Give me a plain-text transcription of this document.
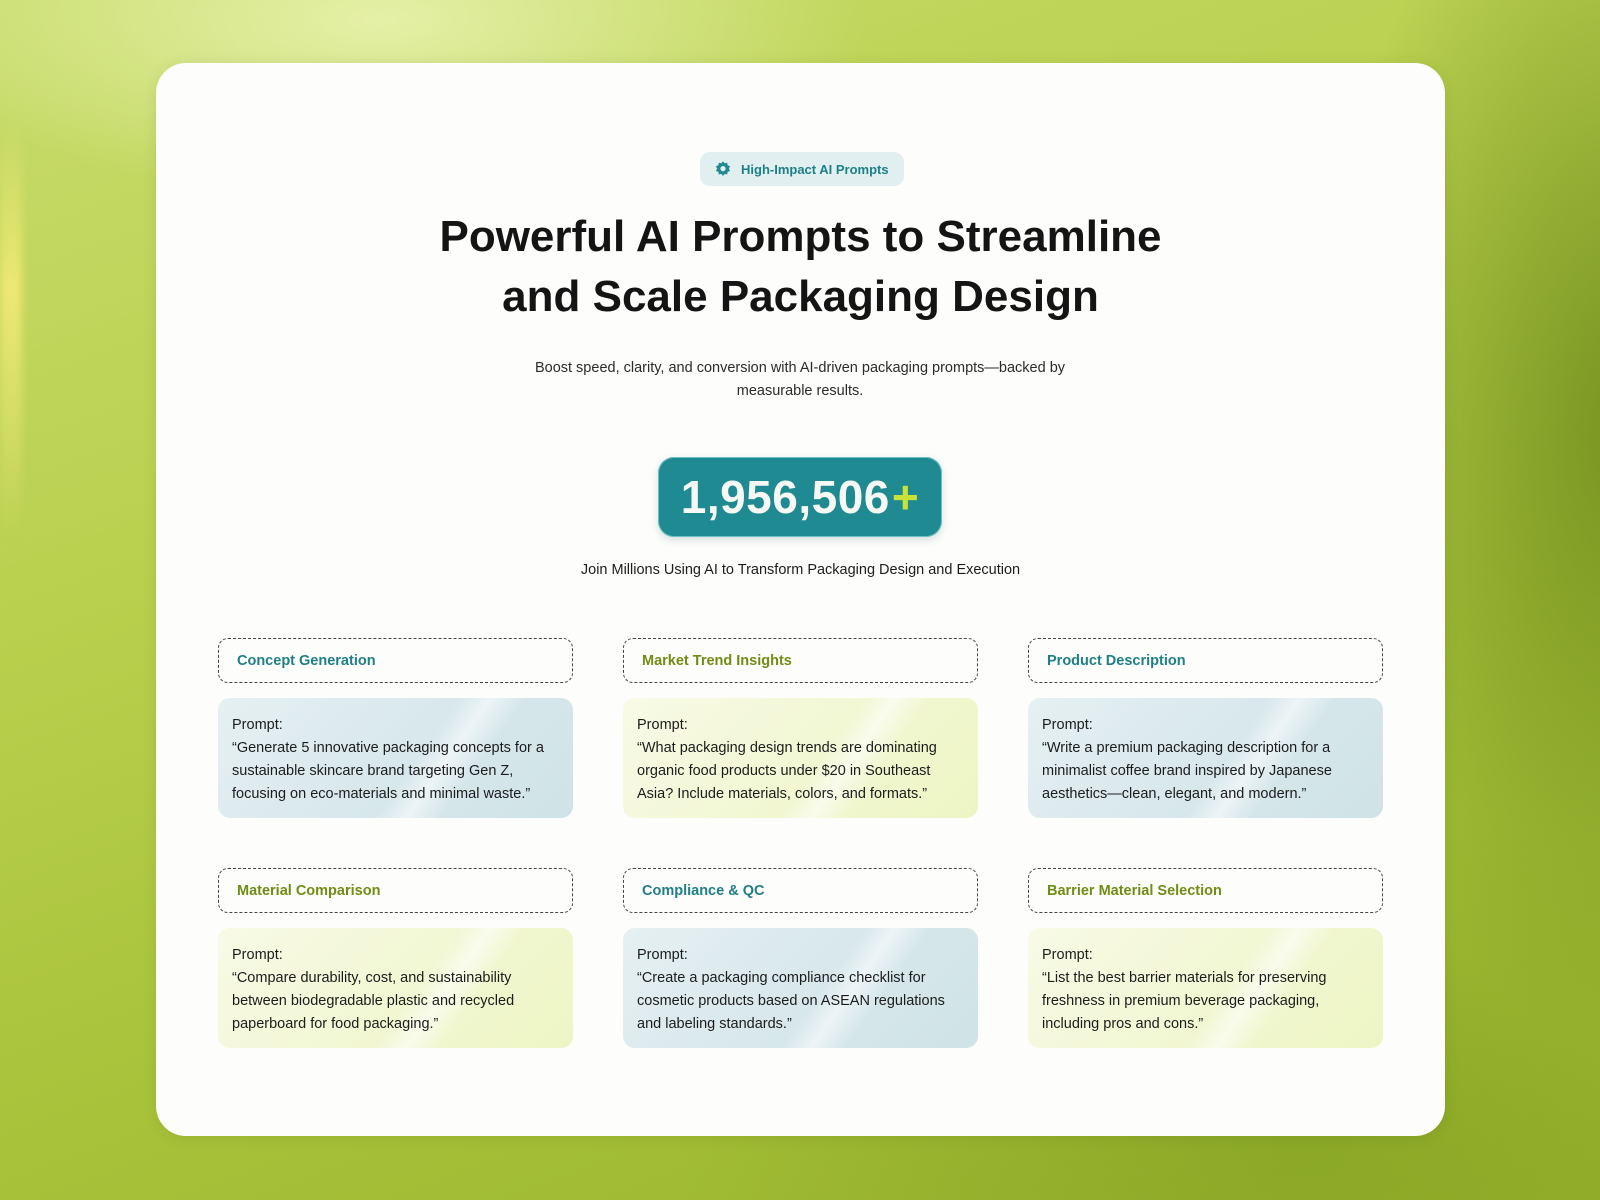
High-Impact AI Prompts
Powerful AI Prompts to Streamline
and Scale Packaging Design

Boost speed, clarity, and conversion with AI-driven packaging prompts—backed by measurable results.

1,956,506 +

Join Millions Using AI to Transform Packaging Design and Execution

Concept Generation
Prompt:
“Generate 5 innovative packaging concepts for a sustainable skincare brand targeting Gen Z, focusing on eco-materials and minimal waste.”
Market Trend Insights
Prompt:
“What packaging design trends are dominating organic food products under $20 in Southeast Asia? Include materials, colors, and formats.”
Product Description
Prompt:
“Write a premium packaging description for a minimalist coffee brand inspired by Japanese aesthetics—clean, elegant, and modern.”
Material Comparison
Prompt:
“Compare durability, cost, and sustainability between biodegradable plastic and recycled paperboard for food packaging.”
Compliance & QC
Prompt:
“Create a packaging compliance checklist for cosmetic products based on ASEAN regulations and labeling standards.”
Barrier Material Selection
Prompt:
“List the best barrier materials for preserving freshness in premium beverage packaging, including pros and cons.”
